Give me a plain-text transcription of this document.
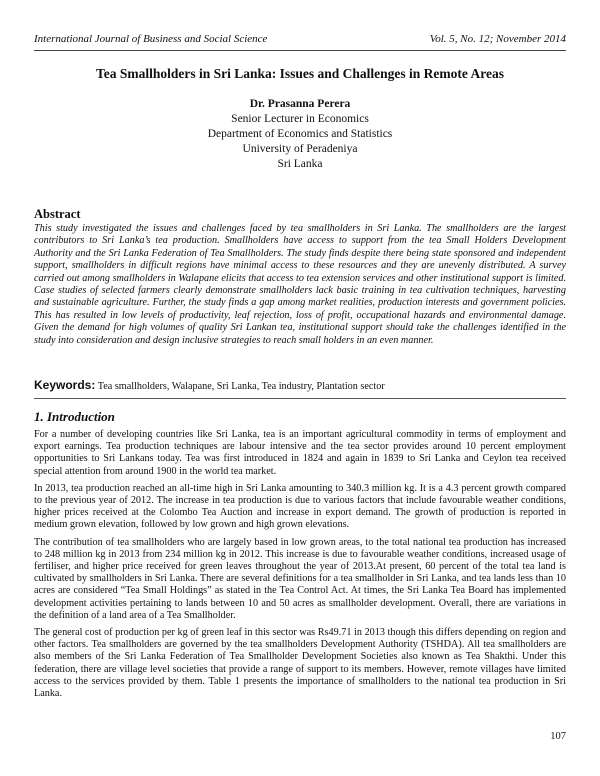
International Journal of Business and Social Science	Vol. 5, No. 12; November 2014
Tea Smallholders in Sri Lanka: Issues and Challenges in Remote Areas
Dr. Prasanna Perera
Senior Lecturer in Economics
Department of Economics and Statistics
University of Peradeniya
Sri Lanka
Abstract

This study investigated the issues and challenges faced by tea smallholders in Sri Lanka. The smallholders are the largest contributors to Sri Lanka’s tea production. Smallholders have access to support from the tea Small Holders Development Authority and the Sri Lanka Federation of Tea Smallholders. The study finds despite there being state sponsored and independent support, smallholders in difficult regions have minimal access to these resources and they are unevenly distributed. A survey carried out among smallholders in Walapane elicits that access to tea extension services and other institutional support is limited. Case studies of selected farmers clearly demonstrate smallholders lack basic training in tea cultivation techniques, harvesting and sustainable agriculture. Further, the study finds a gap among market realities, production interests and government policies. This has resulted in low levels of productivity, leaf rejection, loss of profit, occupational hazards and environmental damage. Given the demand for high volumes of quality Sri Lankan tea, institutional support should take the challenges identified in the study into consideration and design inclusive strategies to reach small holders in an even manner.

Keywords: Tea smallholders, Walapane, Sri Lanka, Tea industry, Plantation sector

1. Introduction

For a number of developing countries like Sri Lanka, tea is an important agricultural commodity in terms of employment and export earnings. Tea production techniques are labour intensive and the tea sector provides around 10 percent employment opportunities to Sri Lankans today. Tea was first introduced in 1824 and again in 1839 to Sri Lanka and Ceylon tea received special attention from around 1900 in the world tea market.

In 2013, tea production reached an all-time high in Sri Lanka amounting to 340.3 million kg. It is a 4.3 percent growth compared to the previous year of 2012. The increase in tea production is due to various factors that include favourable weather conditions, higher prices received at the Colombo Tea Auction and increase in export demand. The growth of production is reported in medium grown elevation, followed by low grown and high grown elevations.

The contribution of tea smallholders who are largely based in low grown areas, to the total national tea production has increased to 248 million kg in 2013 from 234 million kg in 2012. This increase is due to favourable weather conditions, increased usage of fertiliser, and higher price received for green leaves throughout the year of 2013.At present, 60 percent of the total tea land is cultivated by smallholders in Sri Lanka. There are several definitions for a tea smallholder in Sri Lanka, and tea lands less than 10 acres are considered “Tea Small Holdings” as stated in the Tea Control Act. At times, the Sri Lanka Tea Board has implemented development activities pertaining to lands between 10 and 50 acres as smallholder development. Overall, there are variations in the definition of a land area of a Tea Smallholder.

The general cost of production per kg of green leaf in this sector was Rs49.71 in 2013 though this differs depending on region and other factors. Tea smallholders are governed by the tea smallholders Development Authority (TSHDA). All tea smallholders are also members of the Sri Lanka Federation of Tea Smallholder Development Societies also known as Tea Shakthi. Under this federation, there are village level societies that provide a range of support to its members. However, remote villages have limited access to the services provided by them. Table 1 presents the importance of smallholders to the national tea production in Sri Lanka.

107
